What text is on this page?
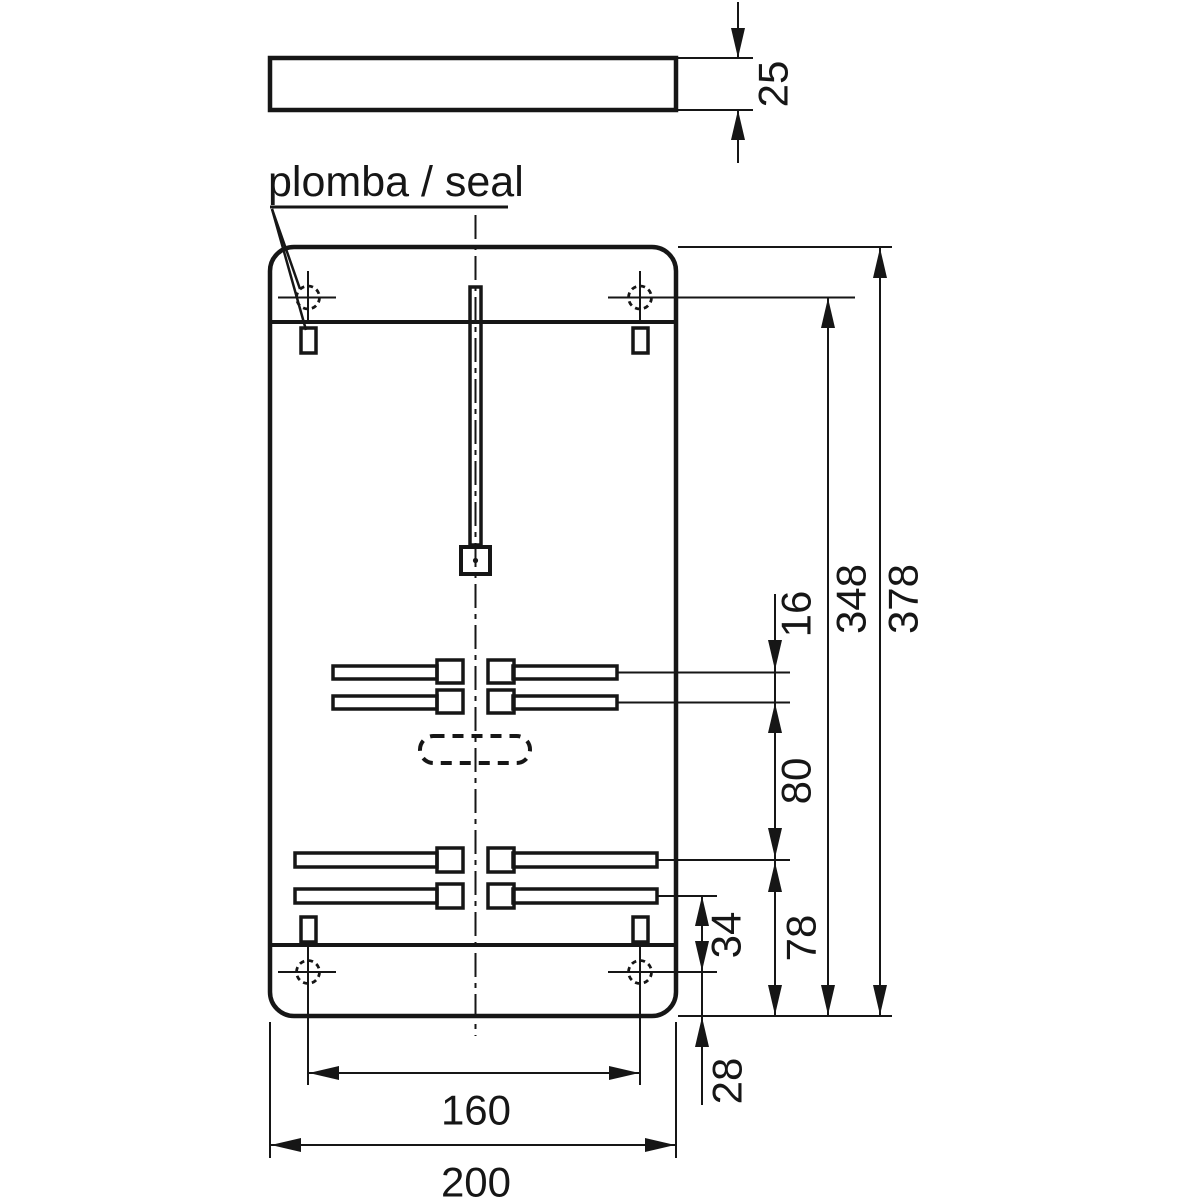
25
plomba / seal
16
80
348 378
34 78
28
160
200
